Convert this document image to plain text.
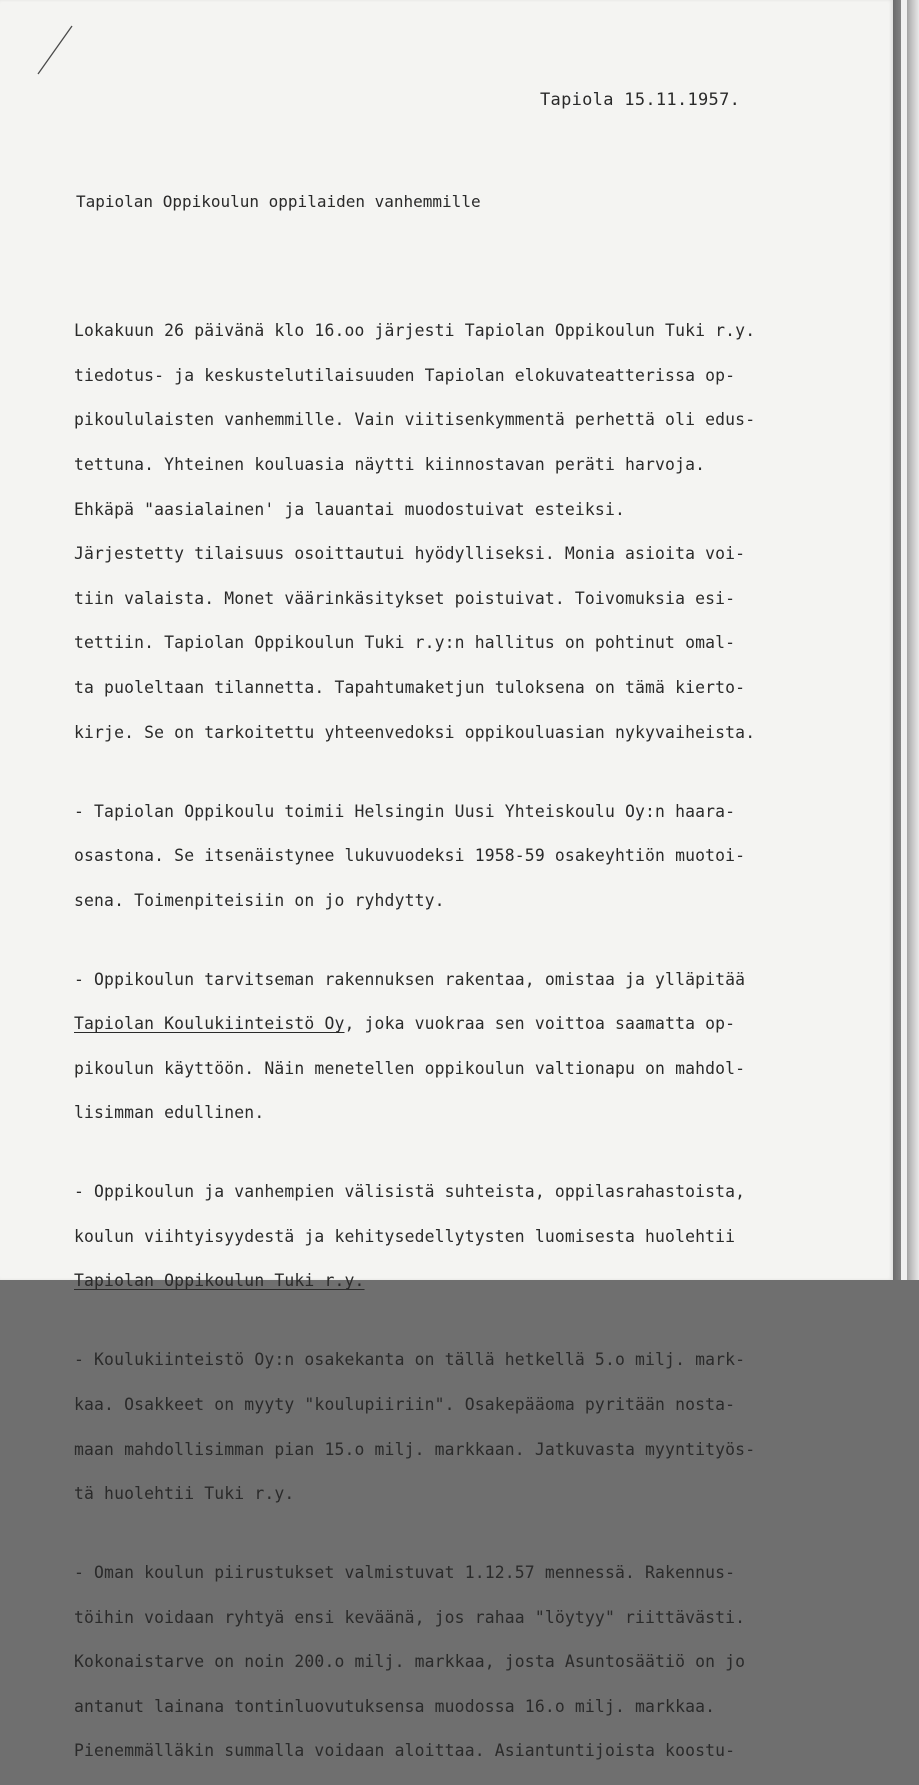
Tapiola 15.11.1957.
Tapiolan Oppikoulun oppilaiden vanhemmille

Lokakuun 26 päivänä klo 16.oo järjesti Tapiolan Oppikoulun Tuki r.y.

tiedotus- ja keskustelutilaisuuden Tapiolan elokuvateatterissa op-

pikoululaisten vanhemmille. Vain viitisenkymmentä perhettä oli edus-

tettuna. Yhteinen kouluasia näytti kiinnostavan peräti harvoja.

Ehkäpä "aasialainen' ja lauantai muodostuivat esteiksi.

Järjestetty tilaisuus osoittautui hyödylliseksi. Monia asioita voi-

tiin valaista. Monet väärinkäsitykset poistuivat. Toivomuksia esi-

tettiin. Tapiolan Oppikoulun Tuki r.y:n hallitus on pohtinut omal-

ta puoleltaan tilannetta. Tapahtumaketjun tuloksena on tämä kierto-

kirje. Se on tarkoitettu yhteenvedoksi oppikouluasian nykyvaiheista.

- Tapiolan Oppikoulu toimii Helsingin Uusi Yhteiskoulu Oy:n haara-

osastona. Se itsenäistynee lukuvuodeksi 1958-59 osakeyhtiön muotoi-

sena. Toimenpiteisiin on jo ryhdytty.

- Oppikoulun tarvitseman rakennuksen rakentaa, omistaa ja ylläpitää

Tapiolan Koulukiinteistö Oy, joka vuokraa sen voittoa saamatta op-

pikoulun käyttöön. Näin menetellen oppikoulun valtionapu on mahdol-

lisimman edullinen.

- Oppikoulun ja vanhempien välisistä suhteista, oppilasrahastoista,

koulun viihtyisyydestä ja kehitysedellytysten luomisesta huolehtii

Tapiolan Oppikoulun Tuki r.y.

- Koulukiinteistö Oy:n osakekanta on tällä hetkellä 5.o milj. mark-

kaa. Osakkeet on myyty "koulupiiriin". Osakepääoma pyritään nosta-

maan mahdollisimman pian 15.o milj. markkaan. Jatkuvasta myyntityös-

tä huolehtii Tuki r.y.

- Oman koulun piirustukset valmistuvat 1.12.57 mennessä. Rakennus-

töihin voidaan ryhtyä ensi keväänä, jos rahaa "löytyy" riittävästi.

Kokonaistarve on noin 200.o milj. markkaa, josta Asuntosäätiö on jo

antanut lainana tontinluovutuksensa muodossa 16.o milj. markkaa.

Pienemmälläkin summalla voidaan aloittaa. Asiantuntijoista koostu-
